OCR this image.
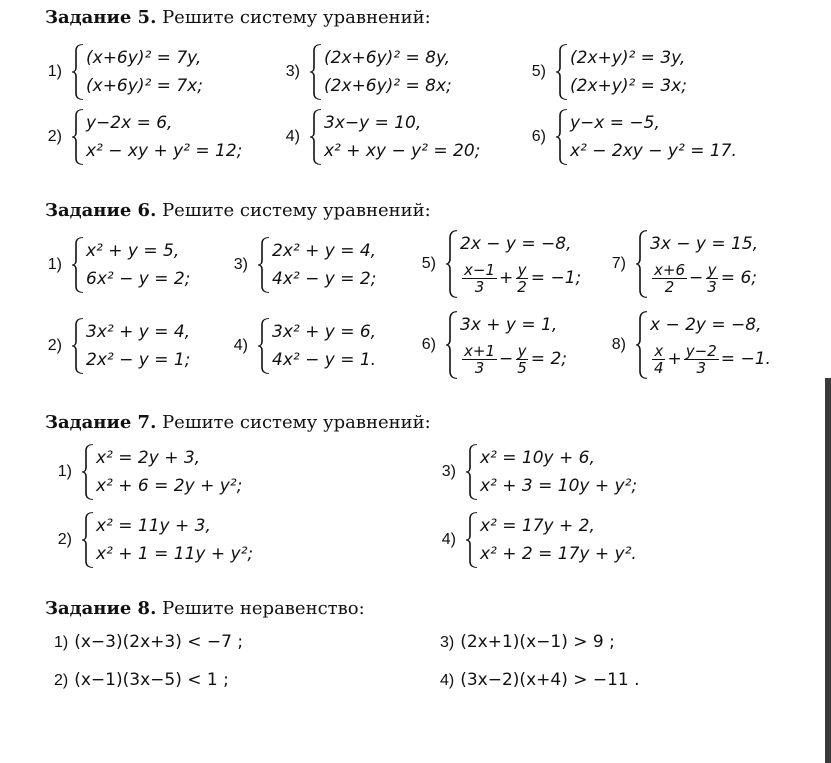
Задание 5. Решите систему уравнений:
1)
(x+6y)² = 7y,
(x+6y)² = 7x;
3)
(2x+6y)² = 8y,
(2x+6y)² = 8x;
5)
(2x+y)² = 3y,
(2x+y)² = 3x;
2)
y−2x = 6,
x² − xy + y² = 12;
4)
3x−y = 10,
x² + xy − y² = 20;
6)
y−x = −5,
x² − 2xy − y² = 17.
Задание 6. Решите систему уравнений:
1)
x² + y = 5,
6x² − y = 2;
3)
2x² + y = 4,
4x² − y = 2;
5)
2x − y = −8,
$\frac{x-1}{3} + \frac{y}{2} = -1$;
7)
3x − y = 15,
$\frac{x+6}{2} - \frac{y}{3} = 6$;
2)
3x² + y = 4,
2x² − y = 1;
4)
3x² + y = 6,
4x² − y = 1.
6)
3x + y = 1,
$\frac{x+1}{3} - \frac{y}{5} = 2$;
8)
x − 2y = −8,
$\frac{x}{4} + \frac{y-2}{3} = -1$.
Задание 7. Решите систему уравнений:
1)
x² = 2y + 3,
x² + 6 = 2y + y²;
3)
x² = 10y + 6,
x² + 3 = 10y + y²;
2)
x² = 11y + 3,
x² + 1 = 11y + y²;
4)
x² = 17y + 2,
x² + 2 = 17y + y².
Задание 8. Решите неравенство:
1) (x−3)(2x+3) < −7 ;	3) (2x+1)(x−1) > 9 ;
2) (x−1)(3x−5) < 1 ;	4) (3x−2)(x+4) > −11 .
